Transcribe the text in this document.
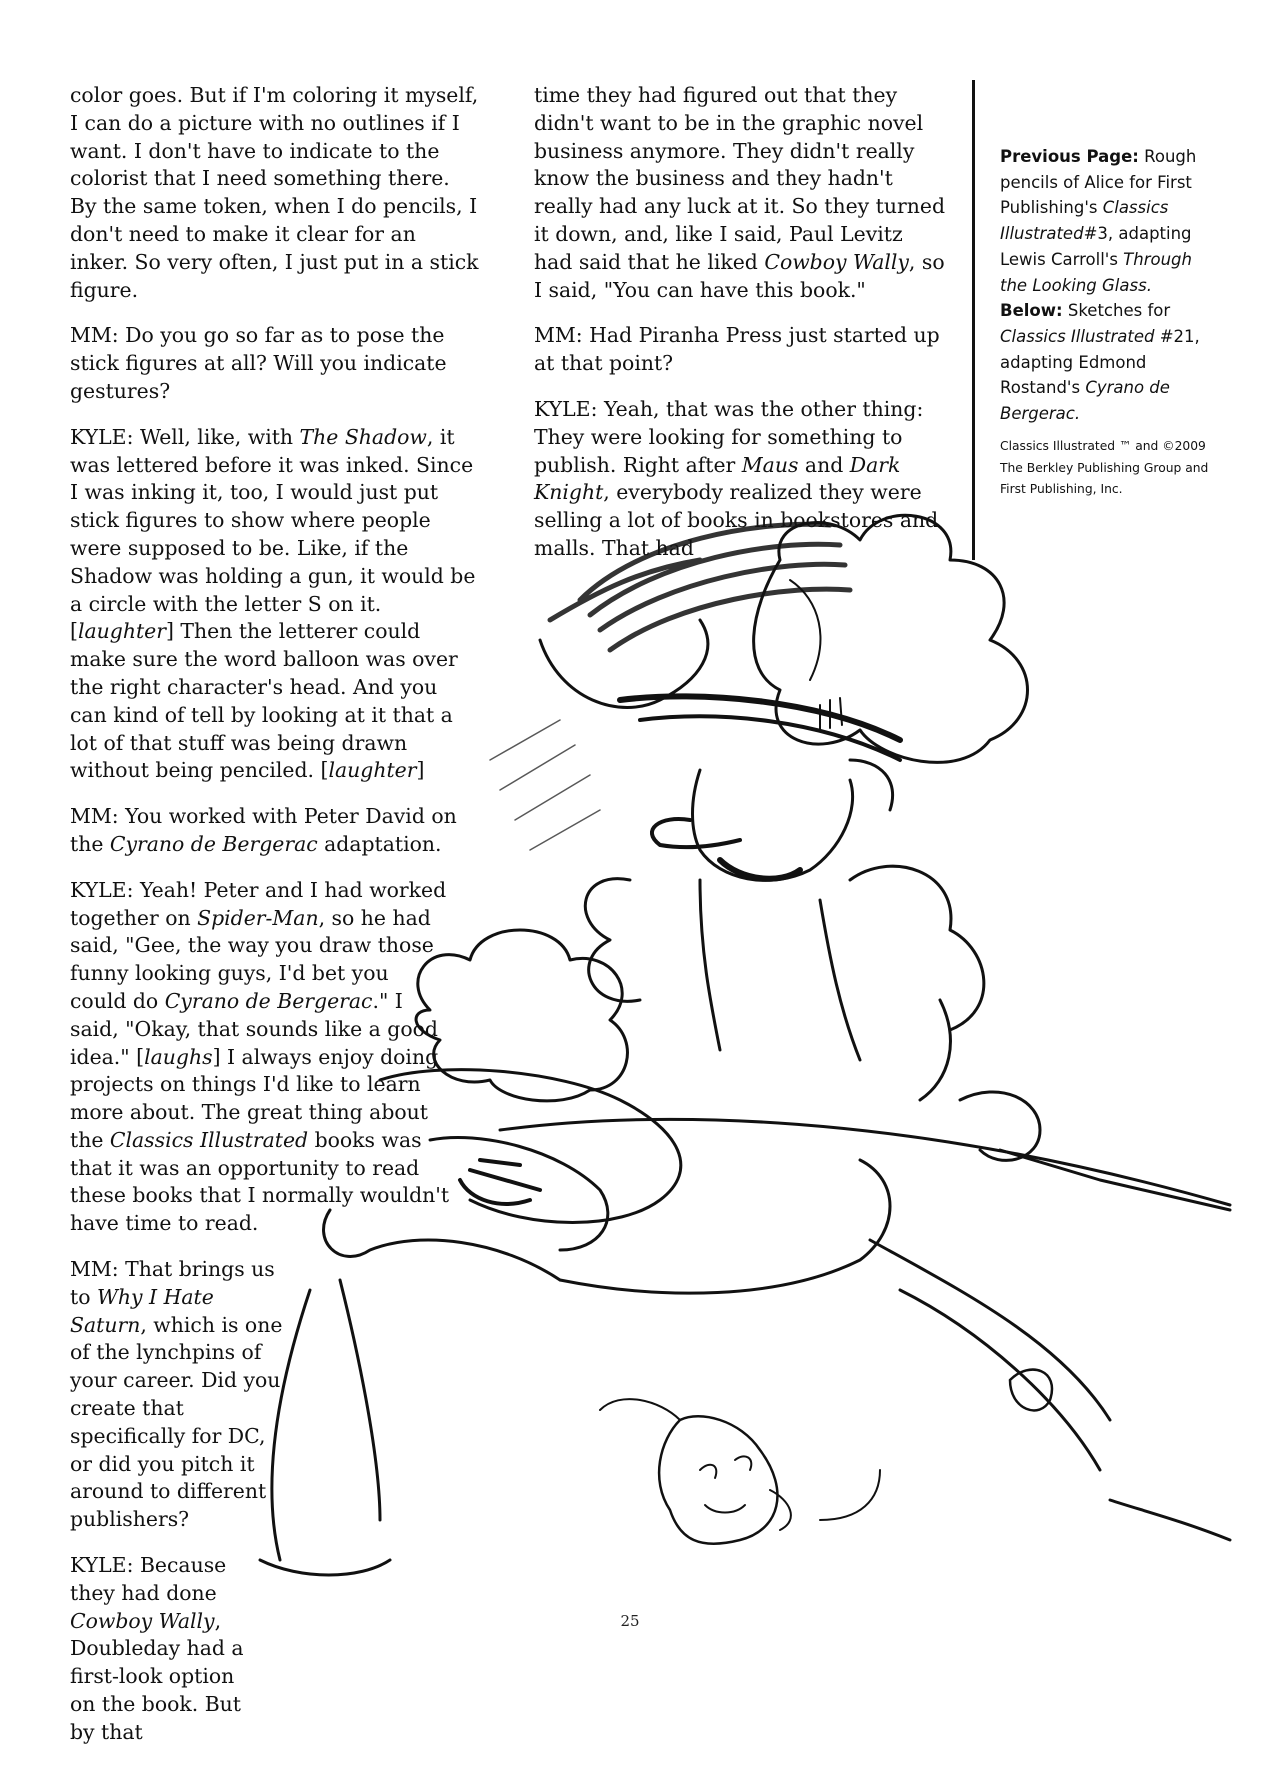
color goes. But if I'm coloring it myself, I can do a picture with no outlines if I want. I don't have to indicate to the colorist that I need something there. By the same token, when I do pencils, I don't need to make it clear for an inker. So very often, I just put in a stick figure.

MM: Do you go so far as to pose the stick figures at all? Will you indicate gestures?

KYLE: Well, like, with The Shadow, it was lettered before it was inked. Since I was inking it, too, I would just put stick figures to show where people were supposed to be. Like, if the Shadow was holding a gun, it would be a circle with the letter S on it. [laughter] Then the letterer could make sure the word balloon was over the right character's head. And you can kind of tell by looking at it that a lot of that stuff was being drawn without being penciled. [laughter]

MM: You worked with Peter David on the Cyrano de Bergerac adaptation.

KYLE: Yeah! Peter and I had worked together on Spider-Man, so he had said, "Gee, the way you draw those funny looking guys, I'd bet you could do Cyrano de Bergerac." I said, "Okay, that sounds like a good idea." [laughs] I always enjoy doing projects on things I'd like to learn more about. The great thing about the Classics Illustrated books was that it was an opportunity to read these books that I normally wouldn't have time to read.

MM: That brings us to Why I Hate Saturn, which is one of the lynchpins of your career. Did you create that specifically for DC, or did you pitch it around to different publishers?

KYLE: Because they had done Cowboy Wally, Doubleday had a first-look option on the book. But by that

time they had figured out that they didn't want to be in the graphic novel business anymore. They didn't really know the business and they hadn't really had any luck at it. So they turned it down, and, like I said, Paul Levitz had said that he liked Cowboy Wally, so I said, "You can have this book."

MM: Had Piranha Press just started up at that point?

KYLE: Yeah, that was the other thing: They were looking for something to publish. Right after Maus and Dark Knight, everybody realized they were selling a lot of books in bookstores and malls. That had

Previous Page: Rough pencils of Alice for First Publishing's Classics Illustrated#3, adapting Lewis Carroll's Through the Looking Glass.
Below: Sketches for Classics Illustrated #21, adapting Edmond Rostand's Cyrano de Bergerac.
Classics Illustrated ™ and ©2009 The Berkley Publishing Group and First Publishing, Inc.
25
